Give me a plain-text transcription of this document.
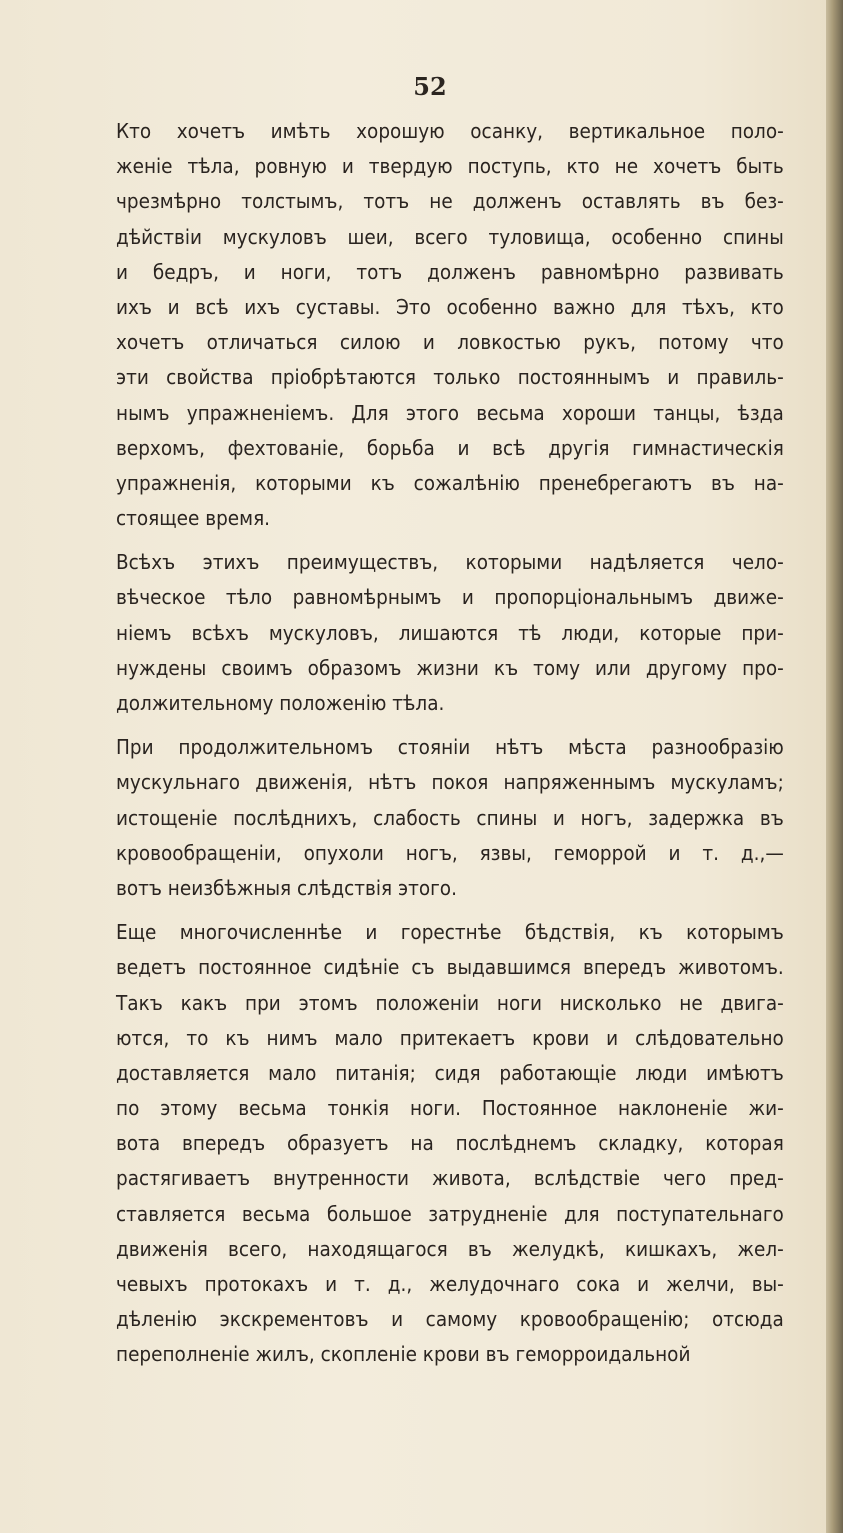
52
Кто хочетъ имѣть хорошую осанку, вертикальное поло-
женіе тѣла, ровную и твердую поступь, кто не хочетъ быть
чрезмѣрно толстымъ, тотъ не долженъ оставлять въ без-
дѣйствіи мускуловъ шеи, всего туловища, особенно спины
и бедръ, и ноги, тотъ долженъ равномѣрно развивать
ихъ и всѣ ихъ суставы. Это особенно важно для тѣхъ, кто
хочетъ отличаться силою и ловкостью рукъ, потому что
эти свойства пріобрѣтаются только постояннымъ и правиль-
нымъ упражненіемъ. Для этого весьма хороши танцы, ѣзда
верхомъ, фехтованіе, борьба и всѣ другія гимнастическія
упражненія, которыми къ сожалѣнію пренебрегаютъ въ на-
стоящее время.
Всѣхъ этихъ преимуществъ, которыми надѣляется чело-
вѣческое тѣло равномѣрнымъ и пропорціональнымъ движе-
ніемъ всѣхъ мускуловъ, лишаются тѣ люди, которые при-
нуждены своимъ образомъ жизни къ тому или другому про-
должительному положенію тѣла.
При продолжительномъ стояніи нѣтъ мѣста разнообразію
мускульнаго движенія, нѣтъ покоя напряженнымъ мускуламъ;
истощеніе послѣднихъ, слабость спины и ногъ, задержка въ
кровообращеніи, опухоли ногъ, язвы, геморрой и т. д.,—
вотъ неизбѣжныя слѣдствія этого.
Еще многочисленнѣе и горестнѣе бѣдствія, къ которымъ
ведетъ постоянное сидѣніе съ выдавшимся впередъ животомъ.
Такъ какъ при этомъ положеніи ноги нисколько не двига-
ются, то къ нимъ мало притекаетъ крови и слѣдовательно
доставляется мало питанія; сидя работающіе люди имѣютъ
по этому весьма тонкія ноги. Постоянное наклоненіе жи-
вота впередъ образуетъ на послѣднемъ складку, которая
растягиваетъ внутренности живота, вслѣдствіе чего пред-
ставляется весьма большое затрудненіе для поступательнаго
движенія всего, находящагося въ желудкѣ, кишкахъ, жел-
чевыхъ протокахъ и т. д., желудочнаго сока и желчи, вы-
дѣленію экскрементовъ и самому кровообращенію; отсюда
переполненіе жилъ, скопленіе крови въ геморроидальной
